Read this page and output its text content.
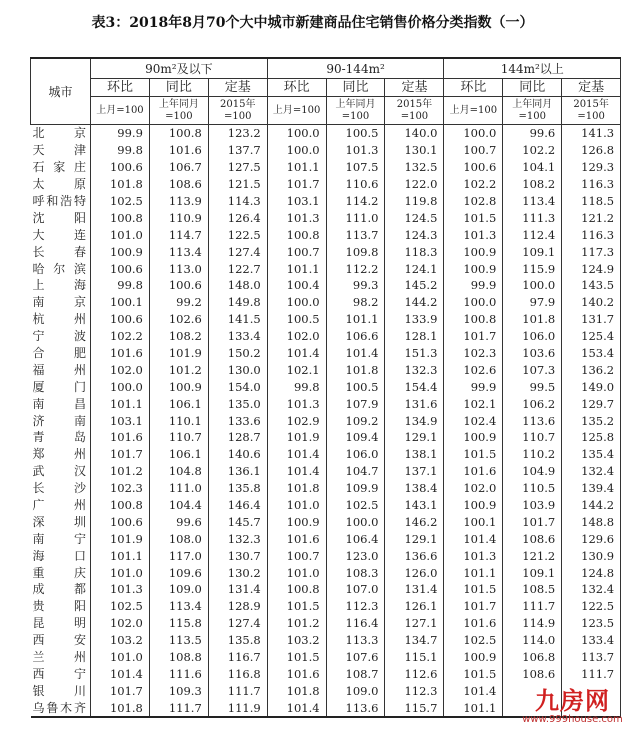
表3：2018年8月70个大中城市新建商品住宅销售价格分类指数（一）
城市	90m²及以下			90-144m²			144m²以上		
	环比	同比	定基	环比	同比	定基	环比	同比	定基
	上月=100	上年同月=100	2015年=100	上月=100	上年同月=100	2015年=100	上月=100	上年同月=100	2015年=100
北京	99.9	100.8	123.2	100.0	100.5	140.0	100.0	99.6	141.3
天津	99.8	101.6	137.7	100.0	101.3	130.1	100.7	102.2	126.8
石家庄	100.6	106.7	127.5	101.1	107.5	132.5	100.6	104.1	129.3
太原	101.8	108.6	121.5	101.7	110.6	122.0	102.2	108.2	116.3
呼和浩特	102.5	113.9	114.3	103.1	114.2	119.8	102.8	113.4	118.5
沈阳	100.8	110.9	126.4	101.3	111.0	124.5	101.5	111.3	121.2
大连	101.0	114.7	122.5	100.8	113.7	124.3	101.3	112.4	116.3
长春	100.9	113.4	127.4	100.7	109.8	118.3	100.9	109.1	117.3
哈尔滨	100.6	113.0	122.7	101.1	112.2	124.1	100.9	115.9	124.9
上海	99.8	100.6	148.0	100.4	99.3	145.2	99.9	100.0	143.5
南京	100.1	99.2	149.8	100.0	98.2	144.2	100.0	97.9	140.2
杭州	100.6	102.6	141.5	100.5	101.1	133.9	100.8	101.8	131.7
宁波	102.2	108.2	133.4	102.0	106.6	128.1	101.7	106.0	125.4
合肥	101.6	101.9	150.2	101.4	101.4	151.3	102.3	103.6	153.4
福州	102.0	101.2	130.0	102.1	101.8	132.3	102.6	107.3	136.2
厦门	100.0	100.9	154.0	99.8	100.5	154.4	99.9	99.5	149.0
南昌	101.1	106.1	135.0	101.3	107.9	131.6	102.1	106.2	129.7
济南	103.1	110.1	133.6	102.9	109.2	134.9	102.4	113.6	135.2
青岛	101.6	110.7	128.7	101.9	109.4	129.1	100.9	110.7	125.8
郑州	101.7	106.1	140.6	101.4	106.0	138.1	101.5	110.2	135.4
武汉	101.2	104.8	136.1	101.4	104.7	137.1	101.6	104.9	132.4
长沙	102.3	111.0	135.8	101.8	109.9	138.4	102.0	110.5	139.4
广州	100.8	104.4	146.4	101.0	102.5	143.1	100.9	103.9	144.2
深圳	100.6	99.6	145.7	100.9	100.0	146.2	100.1	101.7	148.8
南宁	101.9	108.0	132.3	101.6	106.4	129.1	101.4	108.6	129.6
海口	101.1	117.0	130.7	100.7	123.0	136.6	101.3	121.2	130.9
重庆	101.0	109.6	130.2	101.0	108.3	126.0	101.1	109.1	124.8
成都	101.3	109.0	131.4	100.8	107.0	131.4	101.5	108.5	132.4
贵阳	102.5	113.4	128.9	101.5	112.3	126.1	101.7	111.7	122.5
昆明	102.0	115.8	127.4	101.2	116.4	127.1	101.6	114.9	123.5
西安	103.2	113.5	135.8	103.2	113.3	134.7	102.5	114.0	133.4
兰州	101.0	108.8	116.7	101.5	107.6	115.1	100.9	106.8	113.7
西宁	101.4	111.6	116.8	101.6	108.7	112.6	101.5	108.6	111.7
银川	101.7	109.3	111.7	101.8	109.0	112.3	101.4		
乌鲁木齐	101.8	111.7	111.9	101.4	113.6	115.7	101.1			九房网
www.999house.com
